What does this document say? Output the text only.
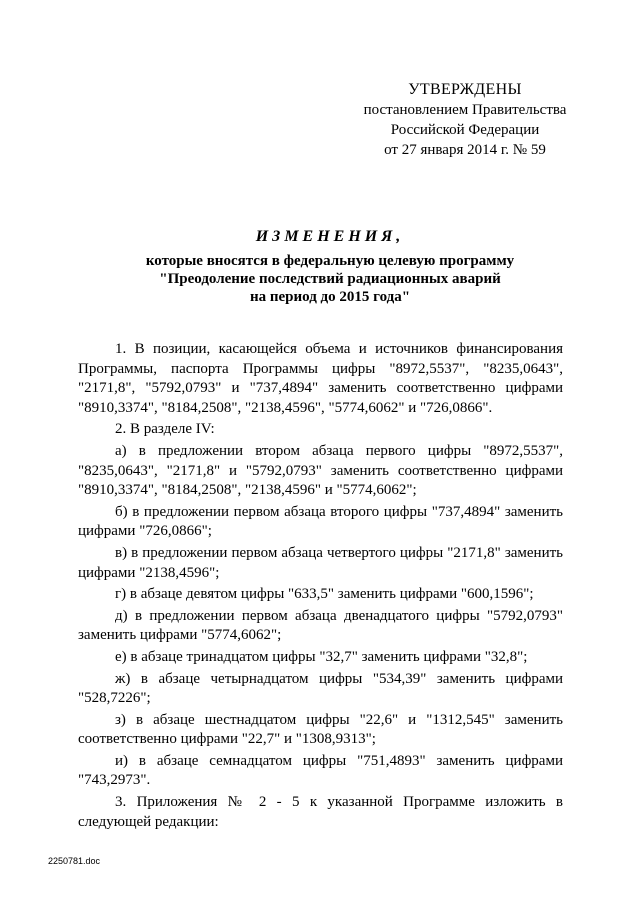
УТВЕРЖДЕНЫ
постановлением Правительства
Российской Федерации
от 27 января 2014 г. № 59
ИЗМЕНЕНИЯ,
которые вносятся в федеральную целевую программу
"Преодоление последствий радиационных аварий
на период до 2015 года"

1. В позиции, касающейся объема и источников финансирования Программы, паспорта Программы цифры "8972,5537", "8235,0643", "2171,8", "5792,0793" и "737,4894" заменить соответственно цифрами "8910,3374", "8184,2508", "2138,4596", "5774,6062" и "726,0866".

2. В разделе IV:

а) в предложении втором абзаца первого цифры "8972,5537", "8235,0643", "2171,8" и "5792,0793" заменить соответственно цифрами "8910,3374", "8184,2508", "2138,4596" и "5774,6062";

б) в предложении первом абзаца второго цифры "737,4894" заменить цифрами "726,0866";

в) в предложении первом абзаца четвертого цифры "2171,8" заменить цифрами "2138,4596";

г) в абзаце девятом цифры "633,5" заменить цифрами "600,1596";

д) в предложении первом абзаца двенадцатого цифры "5792,0793" заменить цифрами "5774,6062";

е) в абзаце тринадцатом цифры "32,7" заменить цифрами "32,8";

ж) в абзаце четырнадцатом цифры "534,39" заменить цифрами "528,7226";

з) в абзаце шестнадцатом цифры "22,6" и "1312,545" заменить соответственно цифрами "22,7" и "1308,9313";

и) в абзаце семнадцатом цифры "751,4893" заменить цифрами "743,2973".

3. Приложения № 2 - 5 к указанной Программе изложить в следующей редакции:

2250781.doc
